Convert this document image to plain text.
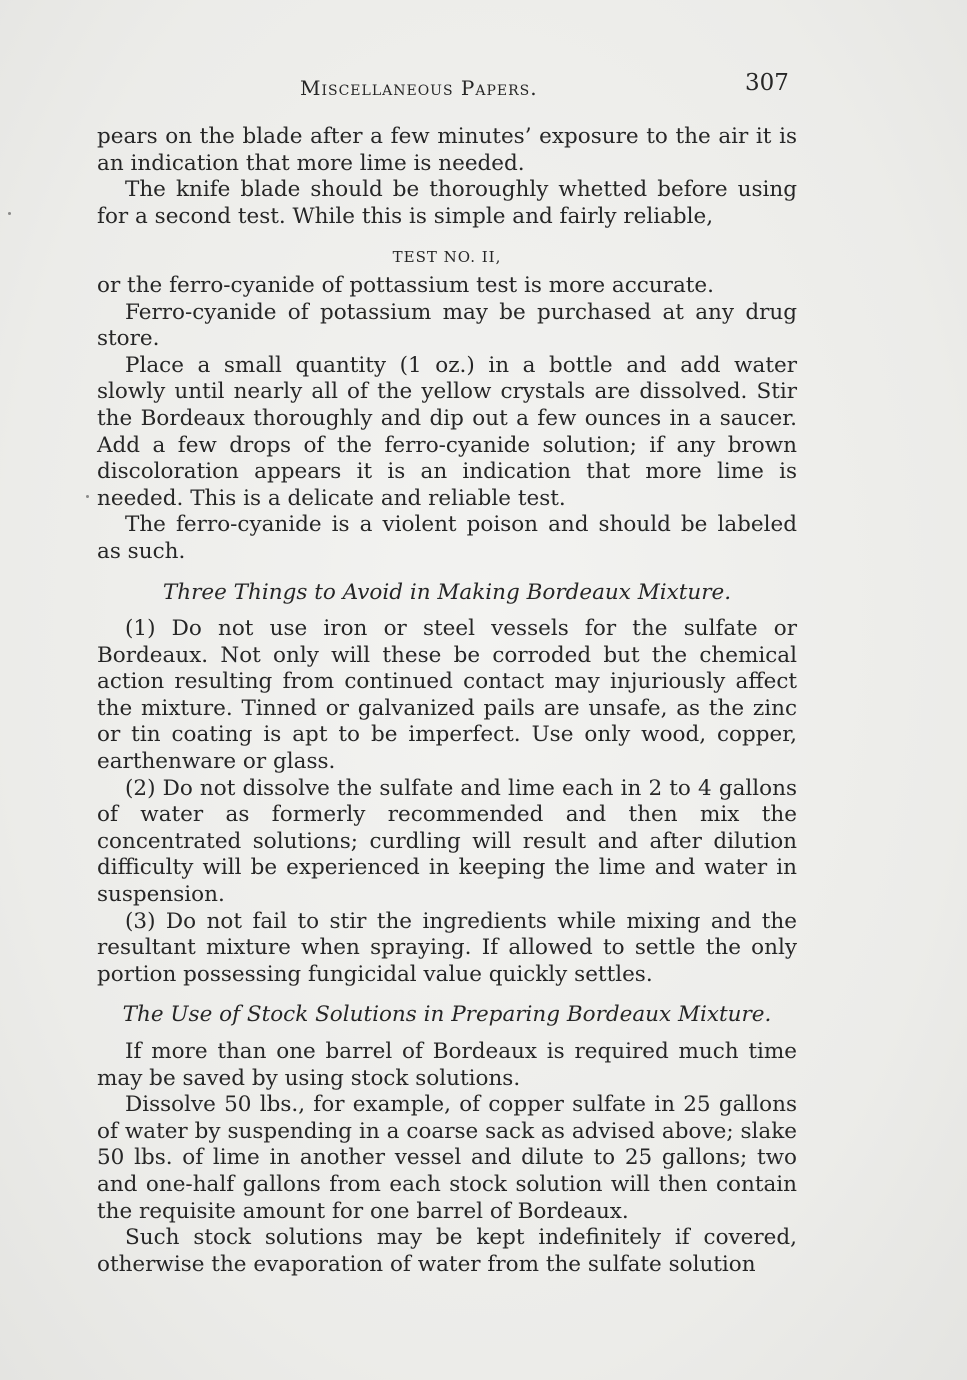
Miscellaneous Papers.	307

pears on the blade after a few minutes’ exposure to the air it is an indication that more lime is needed.

The knife blade should be thoroughly whetted before using for a second test. While this is simple and fairly reliable,

TEST NO. II,

or the ferro-cyanide of pottassium test is more accurate.

Ferro-cyanide of potassium may be purchased at any drug store.

Place a small quantity (1 oz.) in a bottle and add water slowly until nearly all of the yellow crystals are dissolved. Stir the Bordeaux thoroughly and dip out a few ounces in a saucer. Add a few drops of the ferro-cyanide solution; if any brown discoloration appears it is an indication that more lime is needed. This is a delicate and reliable test.

The ferro-cyanide is a violent poison and should be labeled as such.

Three Things to Avoid in Making Bordeaux Mixture.

(1) Do not use iron or steel vessels for the sulfate or Bordeaux. Not only will these be corroded but the chemical action resulting from continued contact may injuriously affect the mixture. Tinned or galvanized pails are unsafe, as the zinc or tin coating is apt to be imperfect. Use only wood, copper, earthenware or glass.

(2) Do not dissolve the sulfate and lime each in 2 to 4 gallons of water as formerly recommended and then mix the concentrated solutions; curdling will result and after dilution difficulty will be experienced in keeping the lime and water in suspension.

(3) Do not fail to stir the ingredients while mixing and the resultant mixture when spraying. If allowed to settle the only portion possessing fungicidal value quickly settles.

The Use of Stock Solutions in Preparing Bordeaux Mixture.

If more than one barrel of Bordeaux is required much time may be saved by using stock solutions.

Dissolve 50 lbs., for example, of copper sulfate in 25 gallons of water by suspending in a coarse sack as advised above; slake 50 lbs. of lime in another vessel and dilute to 25 gallons; two and one-half gallons from each stock solution will then contain the requisite amount for one barrel of Bordeaux.

Such stock solutions may be kept indefinitely if covered, otherwise the evaporation of water from the sulfate solution
